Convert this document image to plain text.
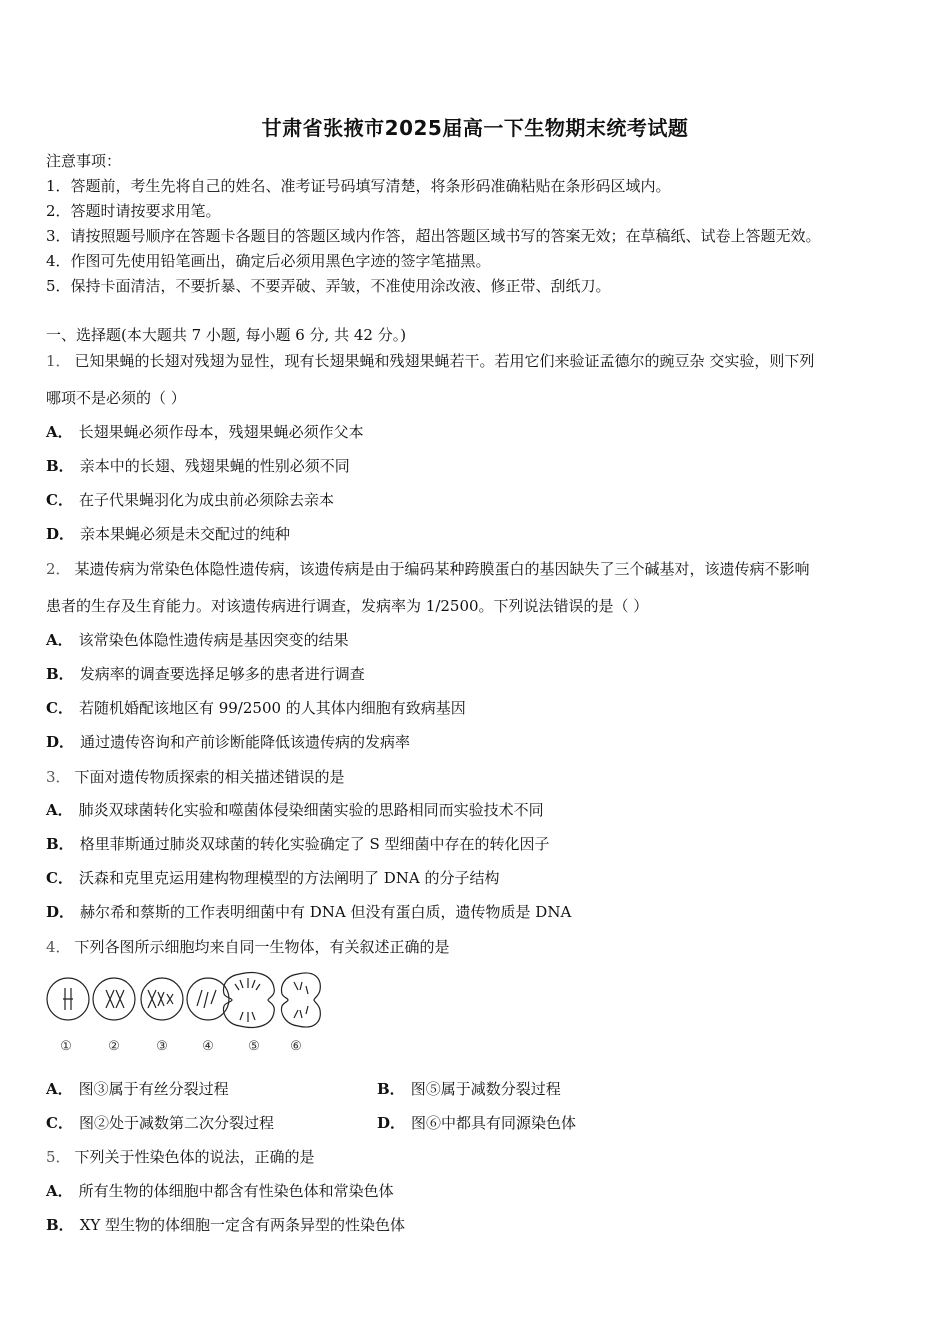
甘肃省张掖市2025届高一下生物期末统考试题
注意事项：
1．答题前，考生先将自己的姓名、准考证号码填写清楚，将条形码准确粘贴在条形码区域内。
2．答题时请按要求用笔。
3．请按照题号顺序在答题卡各题目的答题区域内作答，超出答题区域书写的答案无效；在草稿纸、试卷上答题无效。
4．作图可先使用铅笔画出，确定后必须用黑色字迹的签字笔描黑。
5．保持卡面清洁，不要折暴、不要弄破、弄皱，不准使用涂改液、修正带、刮纸刀。
一、选择题(本大题共 7 小题, 每小题 6 分, 共 42 分。)
1． 已知果蝇的长翅对残翅为显性，现有长翅果蝇和残翅果蝇若干。若用它们来验证孟德尔的豌豆杂 交实验，则下列
哪项不是必须的（ ）
A． 长翅果蝇必须作母本，残翅果蝇必须作父本
B． 亲本中的长翅、残翅果蝇的性别必须不同
C． 在子代果蝇羽化为成虫前必须除去亲本
D． 亲本果蝇必须是未交配过的纯种
2． 某遗传病为常染色体隐性遗传病，该遗传病是由于编码某种跨膜蛋白的基因缺失了三个碱基对，该遗传病不影响
患者的生存及生育能力。对该遗传病进行调查，发病率为 1/2500。下列说法错误的是（ ）
A． 该常染色体隐性遗传病是基因突变的结果
B． 发病率的调查要选择足够多的患者进行调查
C． 若随机婚配该地区有 99/2500 的人其体内细胞有致病基因
D． 通过遗传咨询和产前诊断能降低该遗传病的发病率
3． 下面对遗传物质探索的相关描述错误的是
A． 肺炎双球菌转化实验和噬菌体侵染细菌实验的思路相同而实验技术不同
B． 格里菲斯通过肺炎双球菌的转化实验确定了 S 型细菌中存在的转化因子
C． 沃森和克里克运用建构物理模型的方法阐明了 DNA 的分子结构
D． 赫尔希和蔡斯的工作表明细菌中有 DNA 但没有蛋白质，遗传物质是 DNA
4． 下列各图所示细胞均来自同一生物体，有关叙述正确的是
①	②	③	④	⑤ ⑥
A． 图③属于有丝分裂过程	B． 图⑤属于减数分裂过程
C． 图②处于减数第二次分裂过程	D． 图⑥中都具有同源染色体
5． 下列关于性染色体的说法，正确的是
A． 所有生物的体细胞中都含有性染色体和常染色体
B． XY 型生物的体细胞一定含有两条异型的性染色体
